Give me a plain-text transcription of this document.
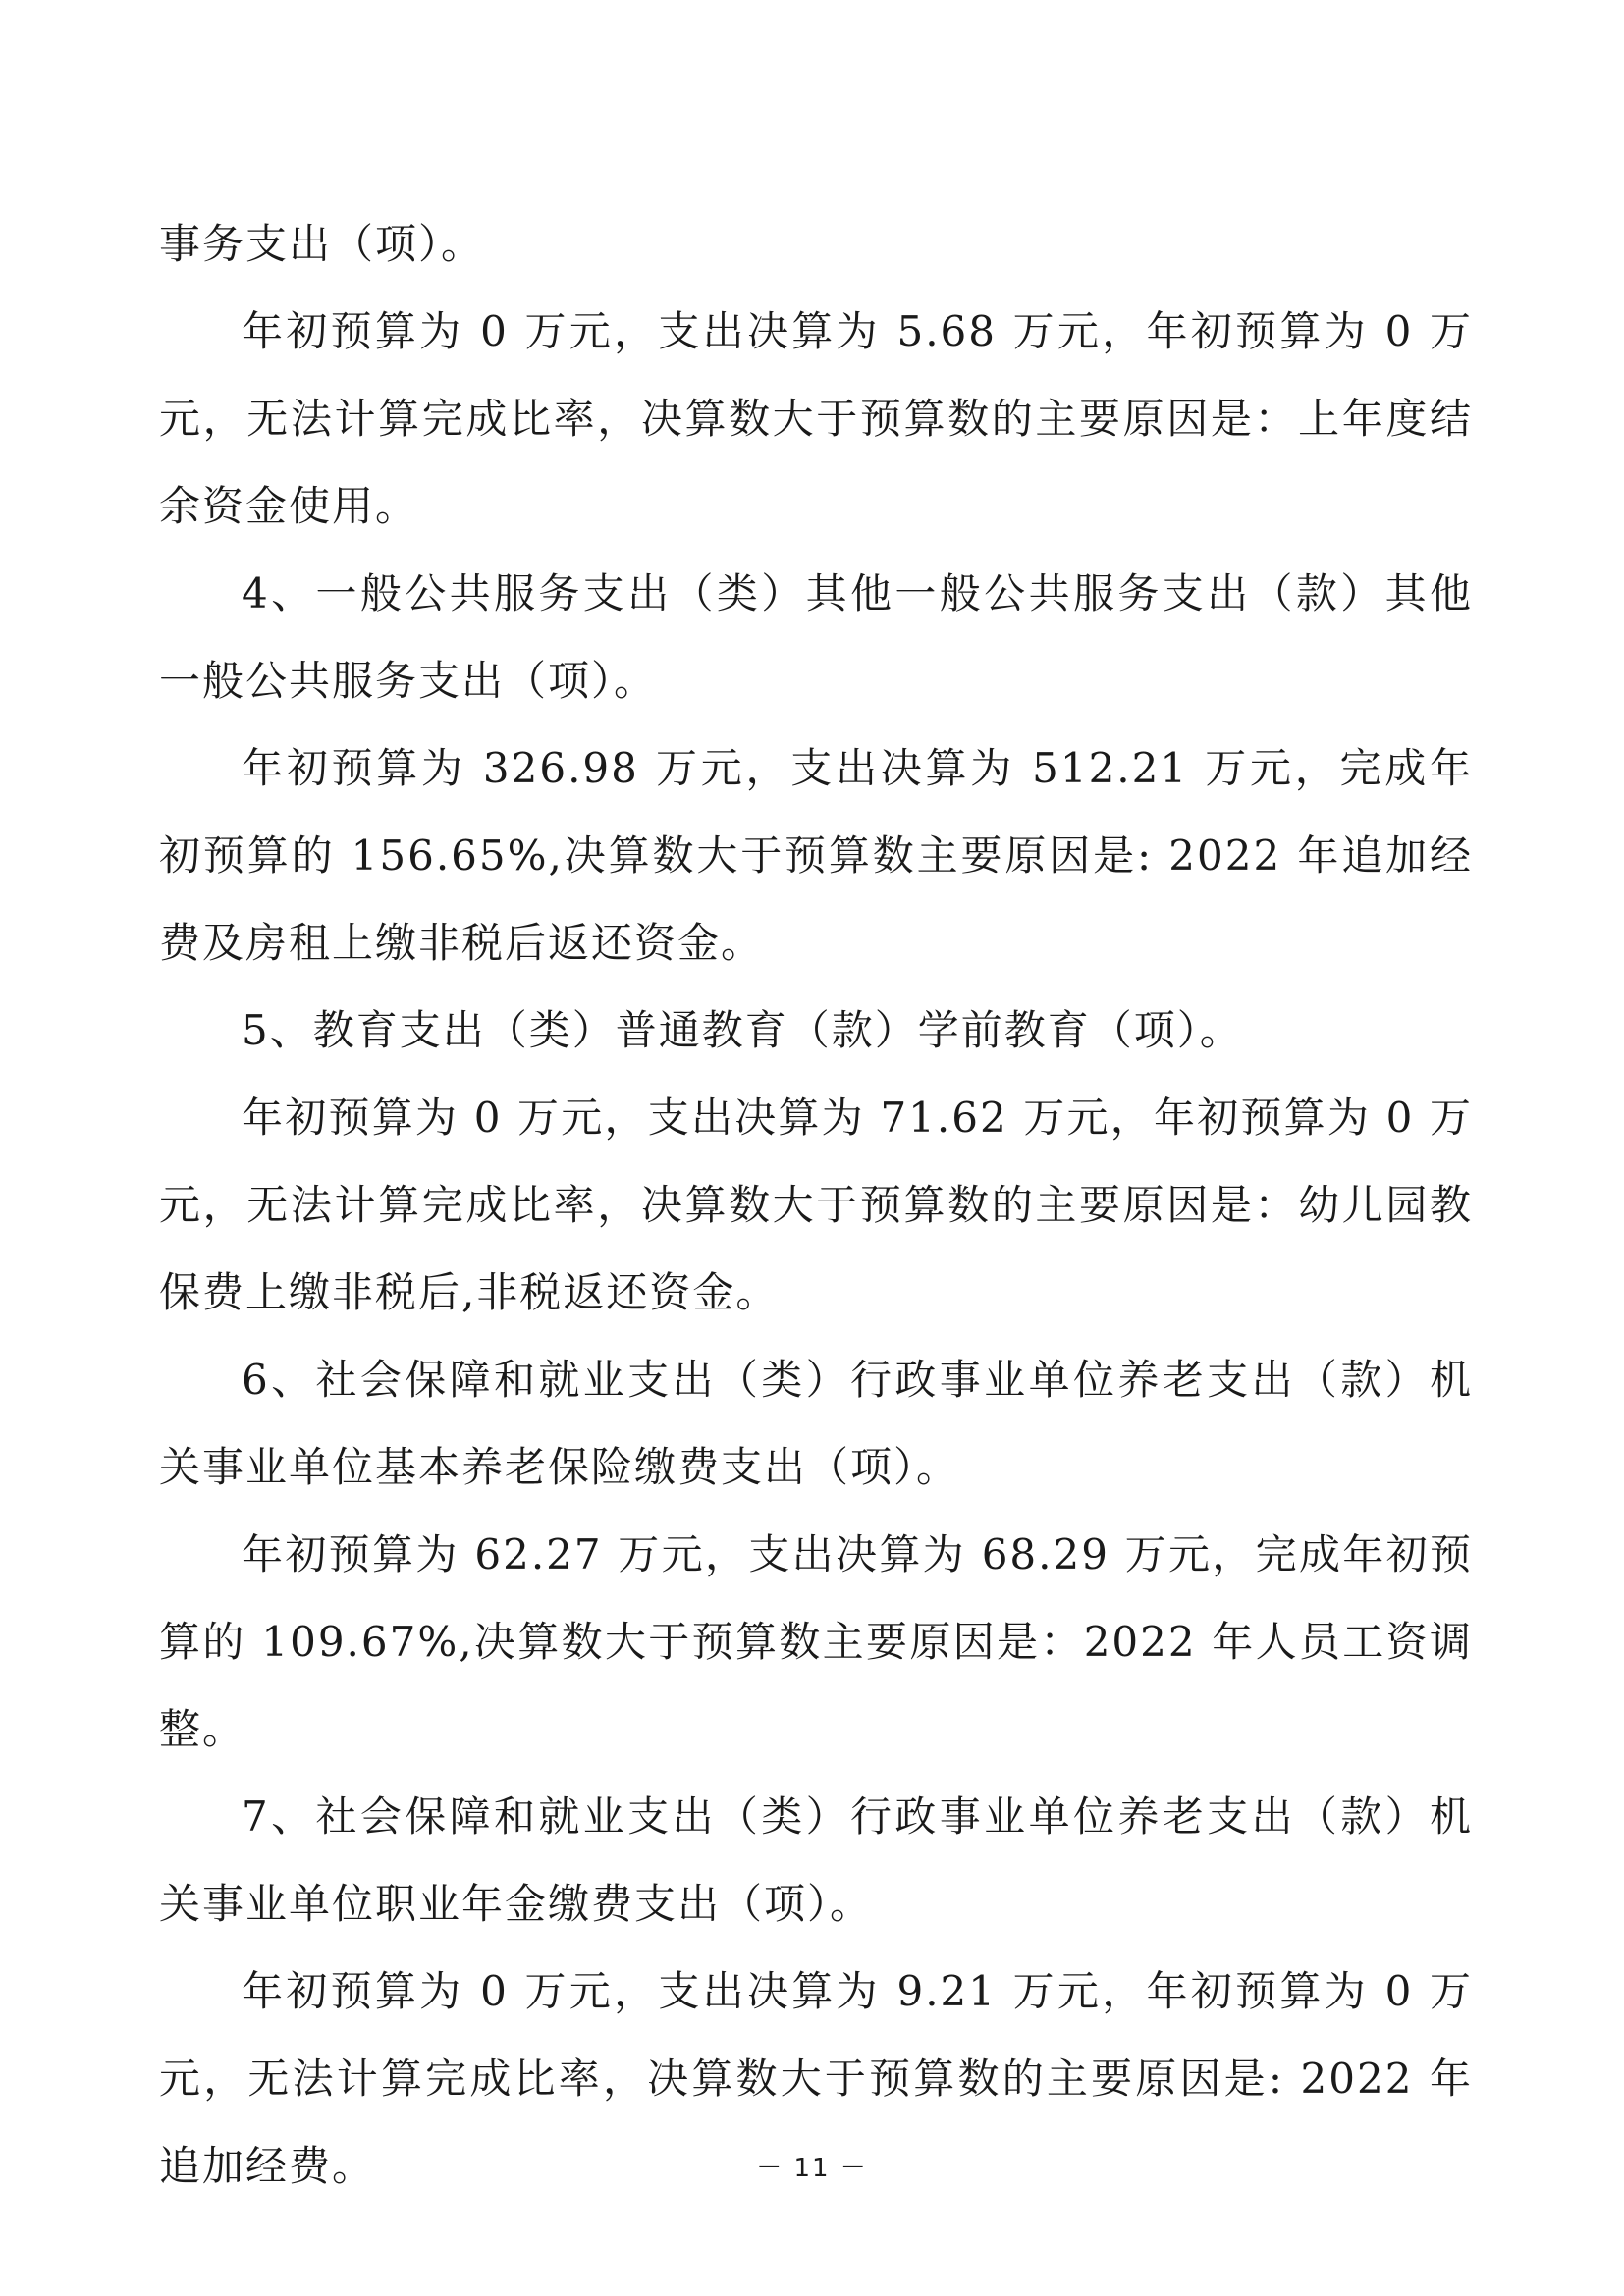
事务支出（项）。

年初预算为 0 万元，支出决算为 5.68 万元，年初预算为 0 万元，无法计算完成比率，决算数大于预算数的主要原因是：上年度结余资金使用。

4、一般公共服务支出（类）其他一般公共服务支出（款）其他一般公共服务支出（项）。

年初预算为 326.98 万元，支出决算为 512.21 万元，完成年初预算的 156.65%,决算数大于预算数主要原因是: 2022 年追加经费及房租上缴非税后返还资金。

5、教育支出（类）普通教育（款）学前教育（项）。

年初预算为 0 万元，支出决算为 71.62 万元，年初预算为 0 万元，无法计算完成比率，决算数大于预算数的主要原因是：幼儿园教保费上缴非税后,非税返还资金。

6、社会保障和就业支出（类）行政事业单位养老支出（款）机关事业单位基本养老保险缴费支出（项）。

年初预算为 62.27 万元，支出决算为 68.29 万元，完成年初预算的 109.67%,决算数大于预算数主要原因是：2022 年人员工资调整。

7、社会保障和就业支出（类）行政事业单位养老支出（款）机关事业单位职业年金缴费支出（项）。

年初预算为 0 万元，支出决算为 9.21 万元，年初预算为 0 万元，无法计算完成比率，决算数大于预算数的主要原因是: 2022 年追加经费。	－ 11 －
